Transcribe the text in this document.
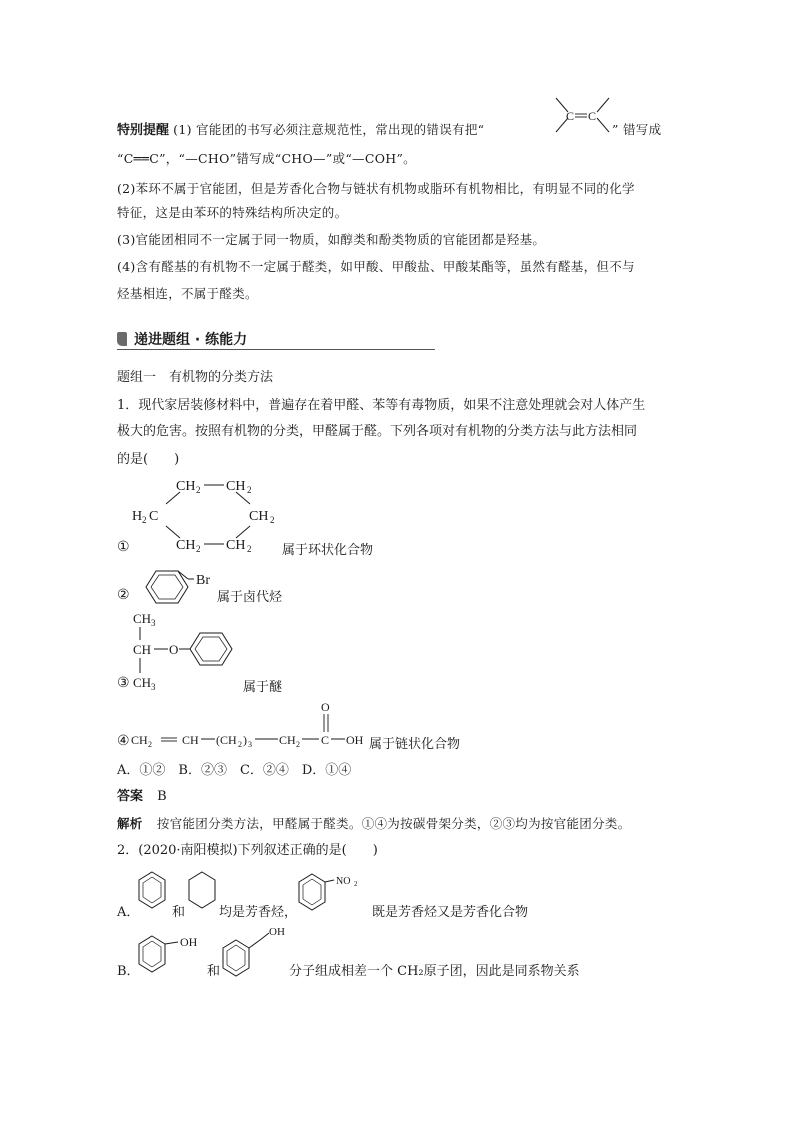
特别提醒 (1) 官能团的书写必须注意规范性，常出现的错误有把“
C C
” 错写成
“C══C”，“—CHO”错写成“CHO—”或“—COH”。
(2)苯环不属于官能团，但是芳香化合物与链状有机物或脂环有机物相比，有明显不同的化学
特征，这是由苯环的特殊结构所决定的。
(3)官能团相同不一定属于同一物质，如醇类和酚类物质的官能团都是羟基。
(4)含有醛基的有机物不一定属于醛类，如甲酸、甲酸盐、甲酸某酯等，虽然有醛基，但不与
烃基相连，不属于醛类。
递进题组 · 练能力
题组一　有机物的分类方法
1．现代家居装修材料中，普遍存在着甲醛、苯等有毒物质，如果不注意处理就会对人体产生
极大的危害。按照有机物的分类，甲醛属于醛。下列各项对有机物的分类方法与此方法相同
的是(　　)
CH 2 CH 2
H 2 C	CH 2
CH 2 CH 2
①	属于环状化合物
②
Br
属于卤代烃
CH 3
CH O
③ CH 3	属于醚
④ CH 2	CH (CH 2 ) 3 CH 2 C
O
OH 属于链状化合物
A．①②　B．②③　C．②④　D．①④
答案 B
解析 按官能团分类方法，甲醛属于醛类。①④为按碳骨架分类，②③均为按官能团分类。
2．(2020·南阳模拟)下列叙述正确的是(　　)
A．	和	均是芳香烃，
NO 2
既是芳香烃又是芳香化合物
B．
OH
和
OH
分子组成相差一个 CH₂原子团，因此是同系物关系
